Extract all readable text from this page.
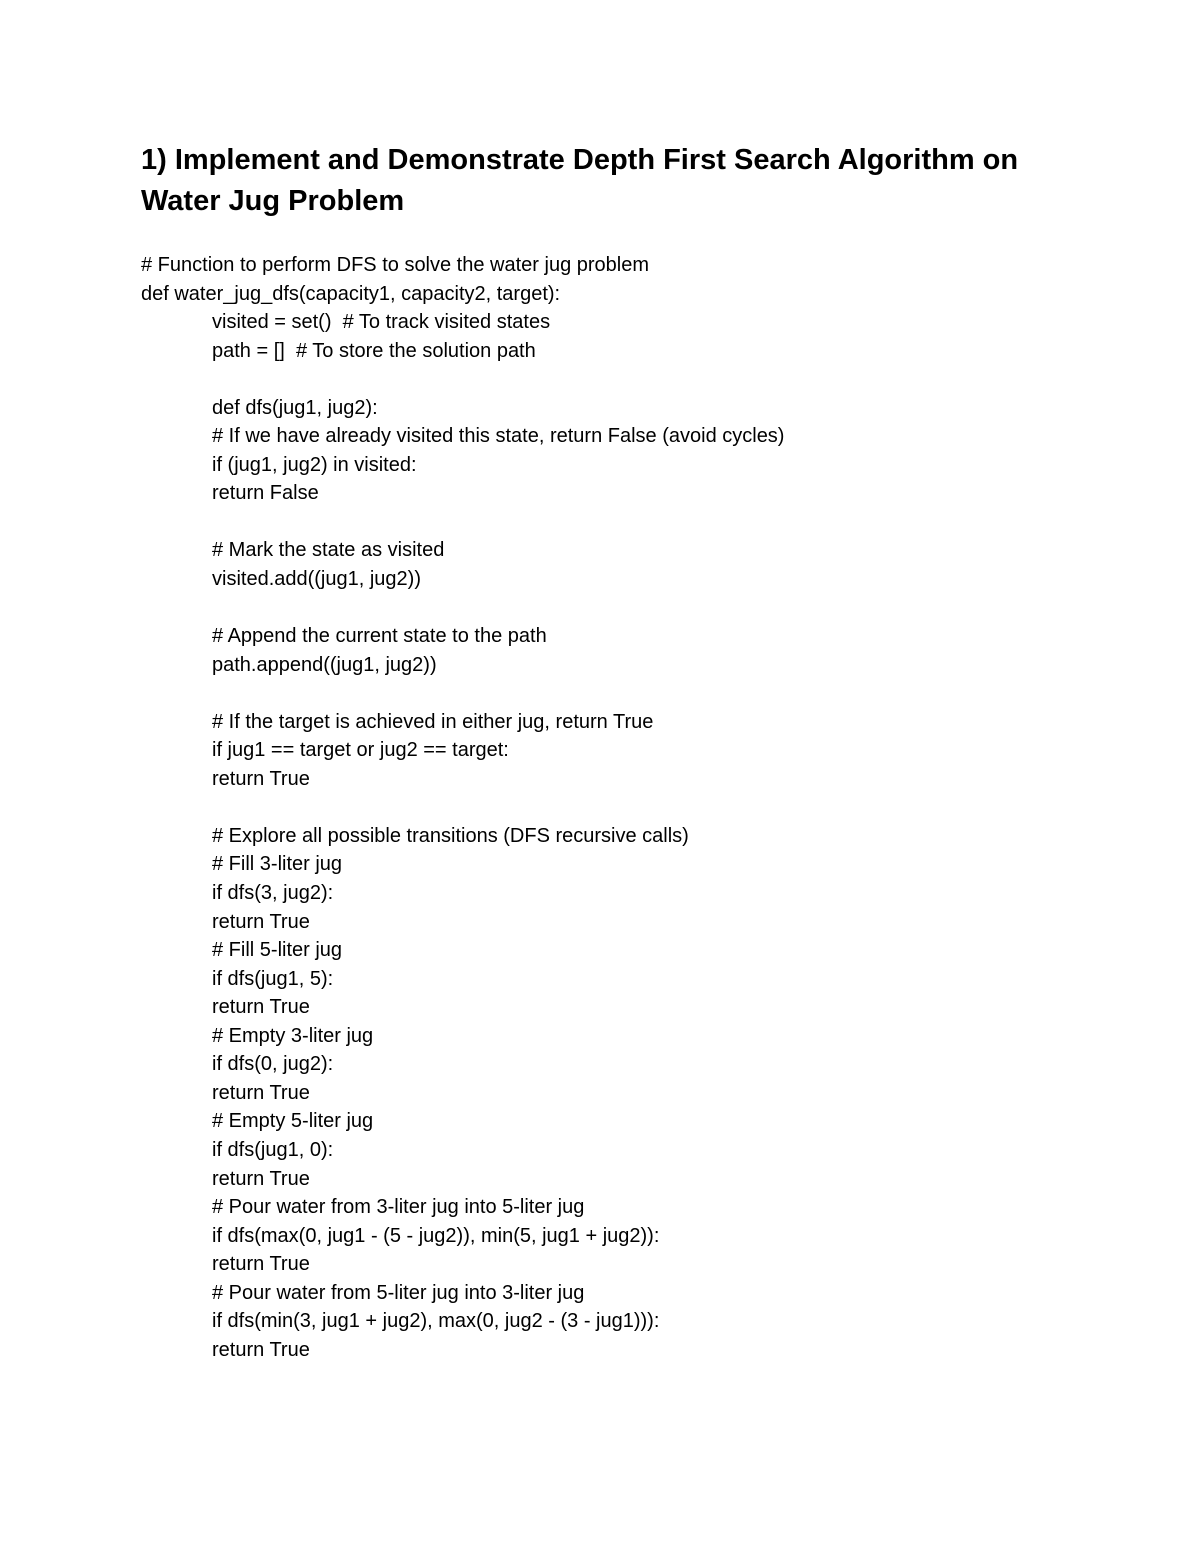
1) Implement and Demonstrate Depth First Search Algorithm on Water Jug Problem
# Function to perform DFS to solve the water jug problem
def water_jug_dfs(capacity1, capacity2, target):
visited = set()  # To track visited states
path = []  # To store the solution path
def dfs(jug1, jug2):
# If we have already visited this state, return False (avoid cycles)
if (jug1, jug2) in visited:
return False
# Mark the state as visited
visited.add((jug1, jug2))
# Append the current state to the path
path.append((jug1, jug2))
# If the target is achieved in either jug, return True
if jug1 == target or jug2 == target:
return True
# Explore all possible transitions (DFS recursive calls)
# Fill 3-liter jug
if dfs(3, jug2):
return True
# Fill 5-liter jug
if dfs(jug1, 5):
return True
# Empty 3-liter jug
if dfs(0, jug2):
return True
# Empty 5-liter jug
if dfs(jug1, 0):
return True
# Pour water from 3-liter jug into 5-liter jug
if dfs(max(0, jug1 - (5 - jug2)), min(5, jug1 + jug2)):
return True
# Pour water from 5-liter jug into 3-liter jug
if dfs(min(3, jug1 + jug2), max(0, jug2 - (3 - jug1))):
return True
